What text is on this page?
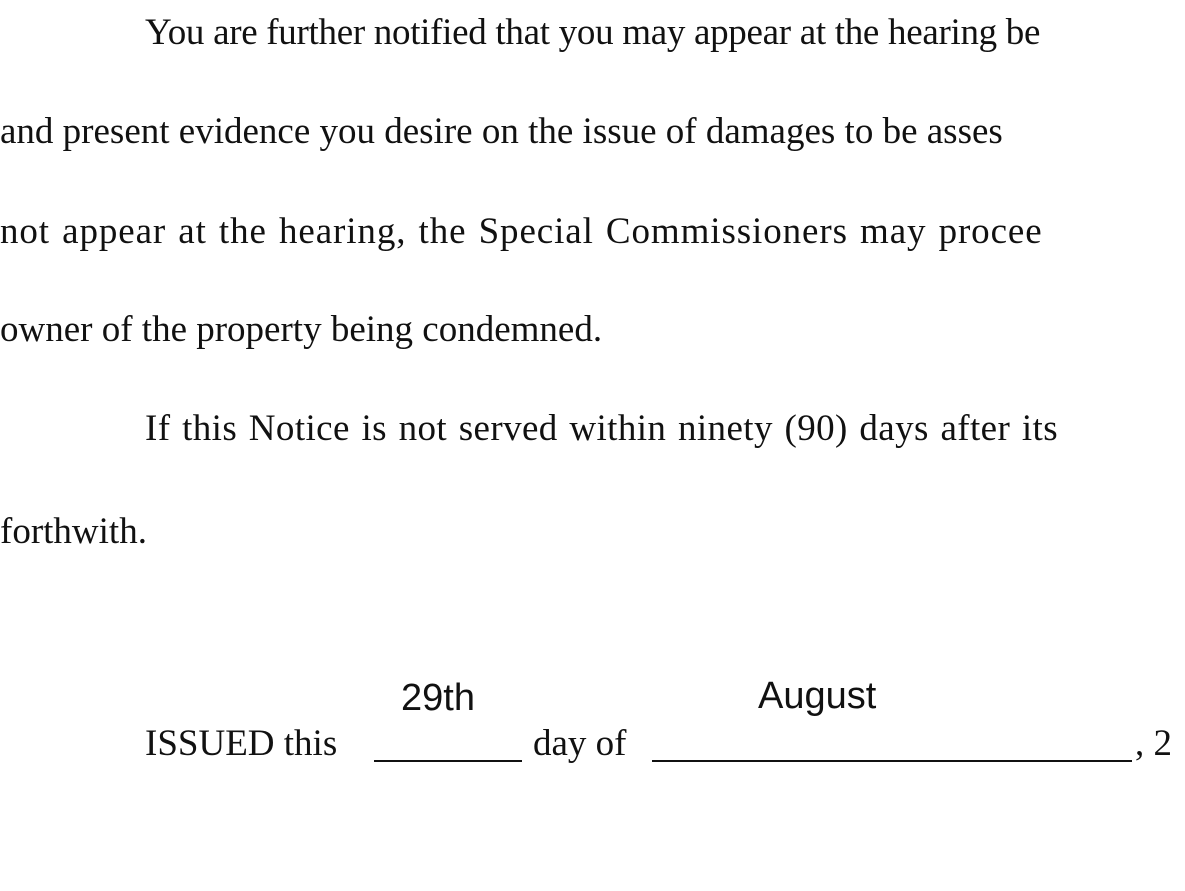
You are further notified that you may appear at the hearing be
and present evidence you desire on the issue of damages to be asses
not appear at the hearing, the Special Commissioners may procee
owner of the property being condemned.
If this Notice is not served within ninety (90) days after its
forthwith.
ISSUED this
29th
day of
August
, 2
